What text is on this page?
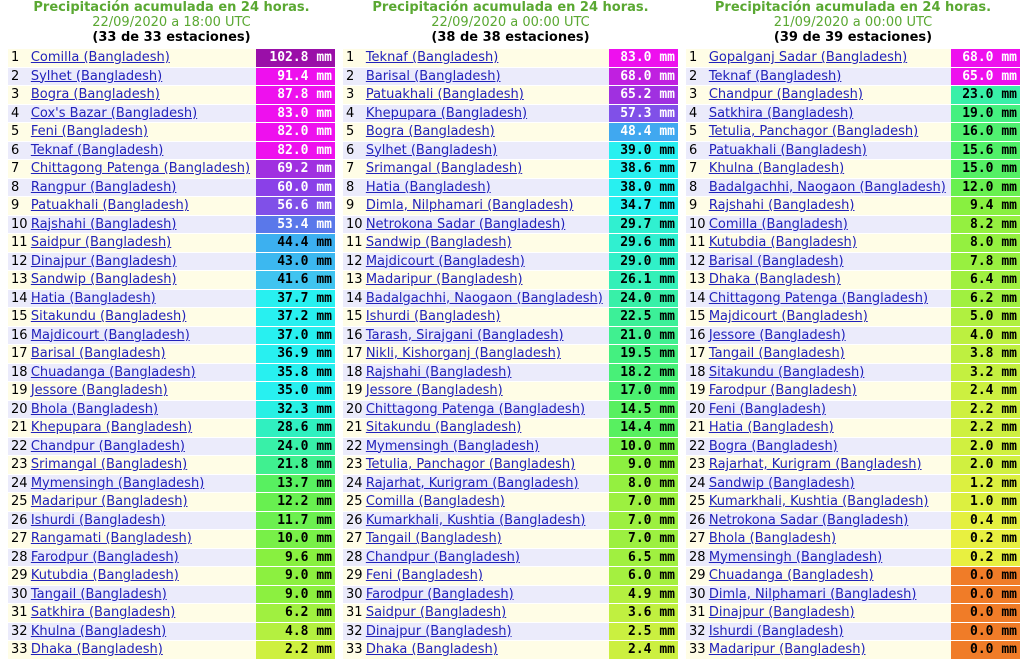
Precipitación acumulada en 24 horas.
22/09/2020 a 18:00 UTC
(33 de 33 estaciones)
1	Comilla (Bangladesh)	102.8 mm
2	Sylhet (Bangladesh)	91.4 mm
3	Bogra (Bangladesh)	87.8 mm
4	Cox's Bazar (Bangladesh)	83.0 mm
5	Feni (Bangladesh)	82.0 mm
6	Teknaf (Bangladesh)	82.0 mm
7	Chittagong Patenga (Bangladesh)	69.2 mm
8	Rangpur (Bangladesh)	60.0 mm
9	Patuakhali (Bangladesh)	56.6 mm
10	Rajshahi (Bangladesh)	53.4 mm
11	Saidpur (Bangladesh)	44.4 mm
12	Dinajpur (Bangladesh)	43.0 mm
13	Sandwip (Bangladesh)	41.6 mm
14	Hatia (Bangladesh)	37.7 mm
15	Sitakundu (Bangladesh)	37.2 mm
16	Majdicourt (Bangladesh)	37.0 mm
17	Barisal (Bangladesh)	36.9 mm
18	Chuadanga (Bangladesh)	35.8 mm
19	Jessore (Bangladesh)	35.0 mm
20	Bhola (Bangladesh)	32.3 mm
21	Khepupara (Bangladesh)	28.6 mm
22	Chandpur (Bangladesh)	24.0 mm
23	Srimangal (Bangladesh)	21.8 mm
24	Mymensingh (Bangladesh)	13.7 mm
25	Madaripur (Bangladesh)	12.2 mm
26	Ishurdi (Bangladesh)	11.7 mm
27	Rangamati (Bangladesh)	10.0 mm
28	Farodpur (Bangladesh)	9.6 mm
29	Kutubdia (Bangladesh)	9.0 mm
30	Tangail (Bangladesh)	9.0 mm
31	Satkhira (Bangladesh)	6.2 mm
32	Khulna (Bangladesh)	4.8 mm
33	Dhaka (Bangladesh)	2.2 mm
Precipitación acumulada en 24 horas.
22/09/2020 a 00:00 UTC
(38 de 38 estaciones)
1	Teknaf (Bangladesh)	83.0 mm
2	Barisal (Bangladesh)	68.0 mm
3	Patuakhali (Bangladesh)	65.2 mm
4	Khepupara (Bangladesh)	57.3 mm
5	Bogra (Bangladesh)	48.4 mm
6	Sylhet (Bangladesh)	39.0 mm
7	Srimangal (Bangladesh)	38.6 mm
8	Hatia (Bangladesh)	38.0 mm
9	Dimla, Nilphamari (Bangladesh)	34.7 mm
10	Netrokona Sadar (Bangladesh)	29.7 mm
11	Sandwip (Bangladesh)	29.6 mm
12	Majdicourt (Bangladesh)	29.0 mm
13	Madaripur (Bangladesh)	26.1 mm
14	Badalgachhi, Naogaon (Bangladesh)	24.0 mm
15	Ishurdi (Bangladesh)	22.5 mm
16	Tarash, Sirajgani (Bangladesh)	21.0 mm
17	Nikli, Kishorganj (Bangladesh)	19.5 mm
18	Rajshahi (Bangladesh)	18.2 mm
19	Jessore (Bangladesh)	17.0 mm
20	Chittagong Patenga (Bangladesh)	14.5 mm
21	Sitakundu (Bangladesh)	14.4 mm
22	Mymensingh (Bangladesh)	10.0 mm
23	Tetulia, Panchagor (Bangladesh)	9.0 mm
24	Rajarhat, Kurigram (Bangladesh)	8.0 mm
25	Comilla (Bangladesh)	7.0 mm
26	Kumarkhali, Kushtia (Bangladesh)	7.0 mm
27	Tangail (Bangladesh)	7.0 mm
28	Chandpur (Bangladesh)	6.5 mm
29	Feni (Bangladesh)	6.0 mm
30	Farodpur (Bangladesh)	4.9 mm
31	Saidpur (Bangladesh)	3.6 mm
32	Dinajpur (Bangladesh)	2.5 mm
33	Dhaka (Bangladesh)	2.4 mm
Precipitación acumulada en 24 horas.
21/09/2020 a 00:00 UTC
(39 de 39 estaciones)
1	Gopalganj Sadar (Bangladesh)	68.0 mm
2	Teknaf (Bangladesh)	65.0 mm
3	Chandpur (Bangladesh)	23.0 mm
4	Satkhira (Bangladesh)	19.0 mm
5	Tetulia, Panchagor (Bangladesh)	16.0 mm
6	Patuakhali (Bangladesh)	15.6 mm
7	Khulna (Bangladesh)	15.0 mm
8	Badalgachhi, Naogaon (Bangladesh)	12.0 mm
9	Rajshahi (Bangladesh)	9.4 mm
10	Comilla (Bangladesh)	8.2 mm
11	Kutubdia (Bangladesh)	8.0 mm
12	Barisal (Bangladesh)	7.8 mm
13	Dhaka (Bangladesh)	6.4 mm
14	Chittagong Patenga (Bangladesh)	6.2 mm
15	Majdicourt (Bangladesh)	5.0 mm
16	Jessore (Bangladesh)	4.0 mm
17	Tangail (Bangladesh)	3.8 mm
18	Sitakundu (Bangladesh)	3.2 mm
19	Farodpur (Bangladesh)	2.4 mm
20	Feni (Bangladesh)	2.2 mm
21	Hatia (Bangladesh)	2.2 mm
22	Bogra (Bangladesh)	2.0 mm
23	Rajarhat, Kurigram (Bangladesh)	2.0 mm
24	Sandwip (Bangladesh)	1.2 mm
25	Kumarkhali, Kushtia (Bangladesh)	1.0 mm
26	Netrokona Sadar (Bangladesh)	0.4 mm
27	Bhola (Bangladesh)	0.2 mm
28	Mymensingh (Bangladesh)	0.2 mm
29	Chuadanga (Bangladesh)	0.0 mm
30	Dimla, Nilphamari (Bangladesh)	0.0 mm
31	Dinajpur (Bangladesh)	0.0 mm
32	Ishurdi (Bangladesh)	0.0 mm
33	Madaripur (Bangladesh)	0.0 mm
